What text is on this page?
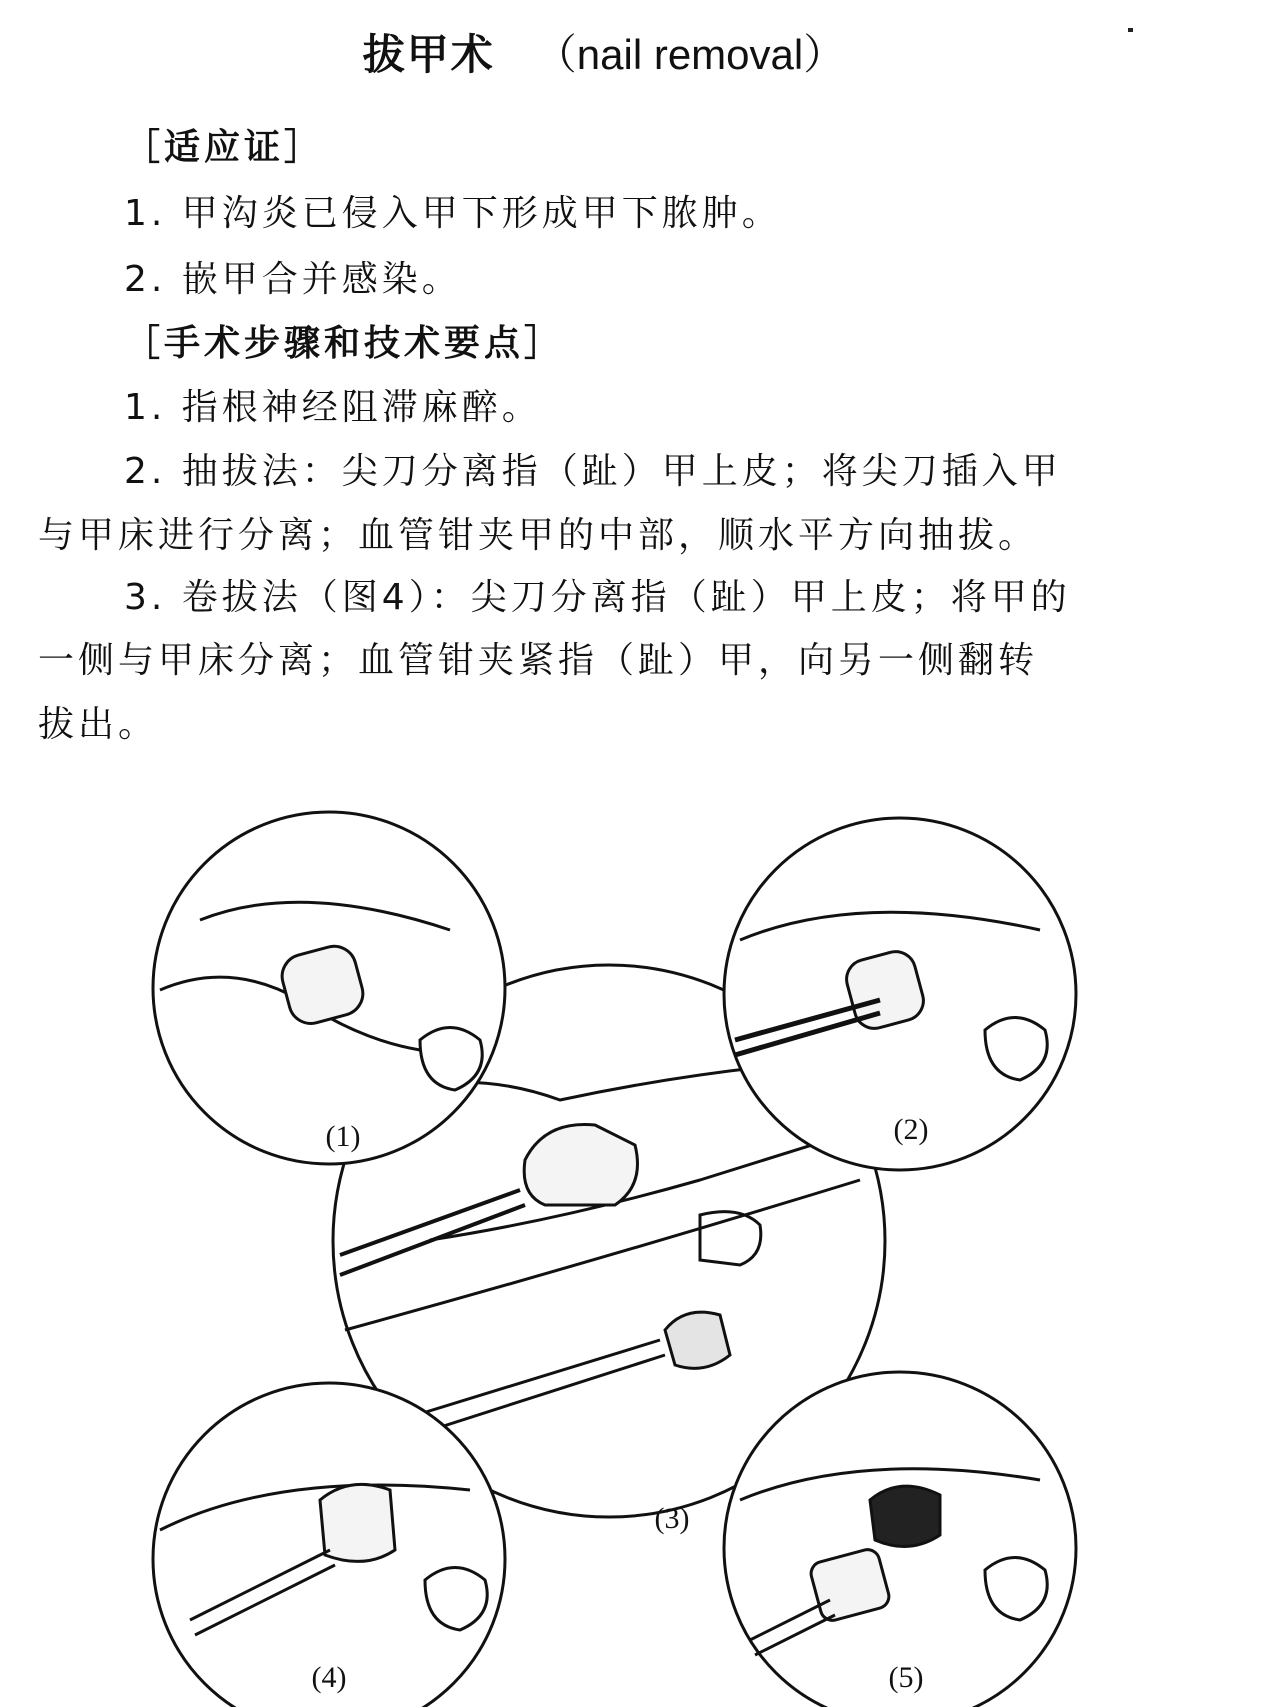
拔甲术 （nail removal）
［适应证］
1. 甲沟炎已侵入甲下形成甲下脓肿。
2. 嵌甲合并感染。
［手术步骤和技术要点］
1. 指根神经阻滞麻醉。
2. 抽拔法：尖刀分离指（趾）甲上皮；将尖刀插入甲
与甲床进行分离；血管钳夹甲的中部，顺水平方向抽拔。
3. 卷拔法（图4）：尖刀分离指（趾）甲上皮；将甲的
一侧与甲床分离；血管钳夹紧指（趾）甲，向另一侧翻转
拔出。
(1)	(2)
(3)
(4)	(5)
